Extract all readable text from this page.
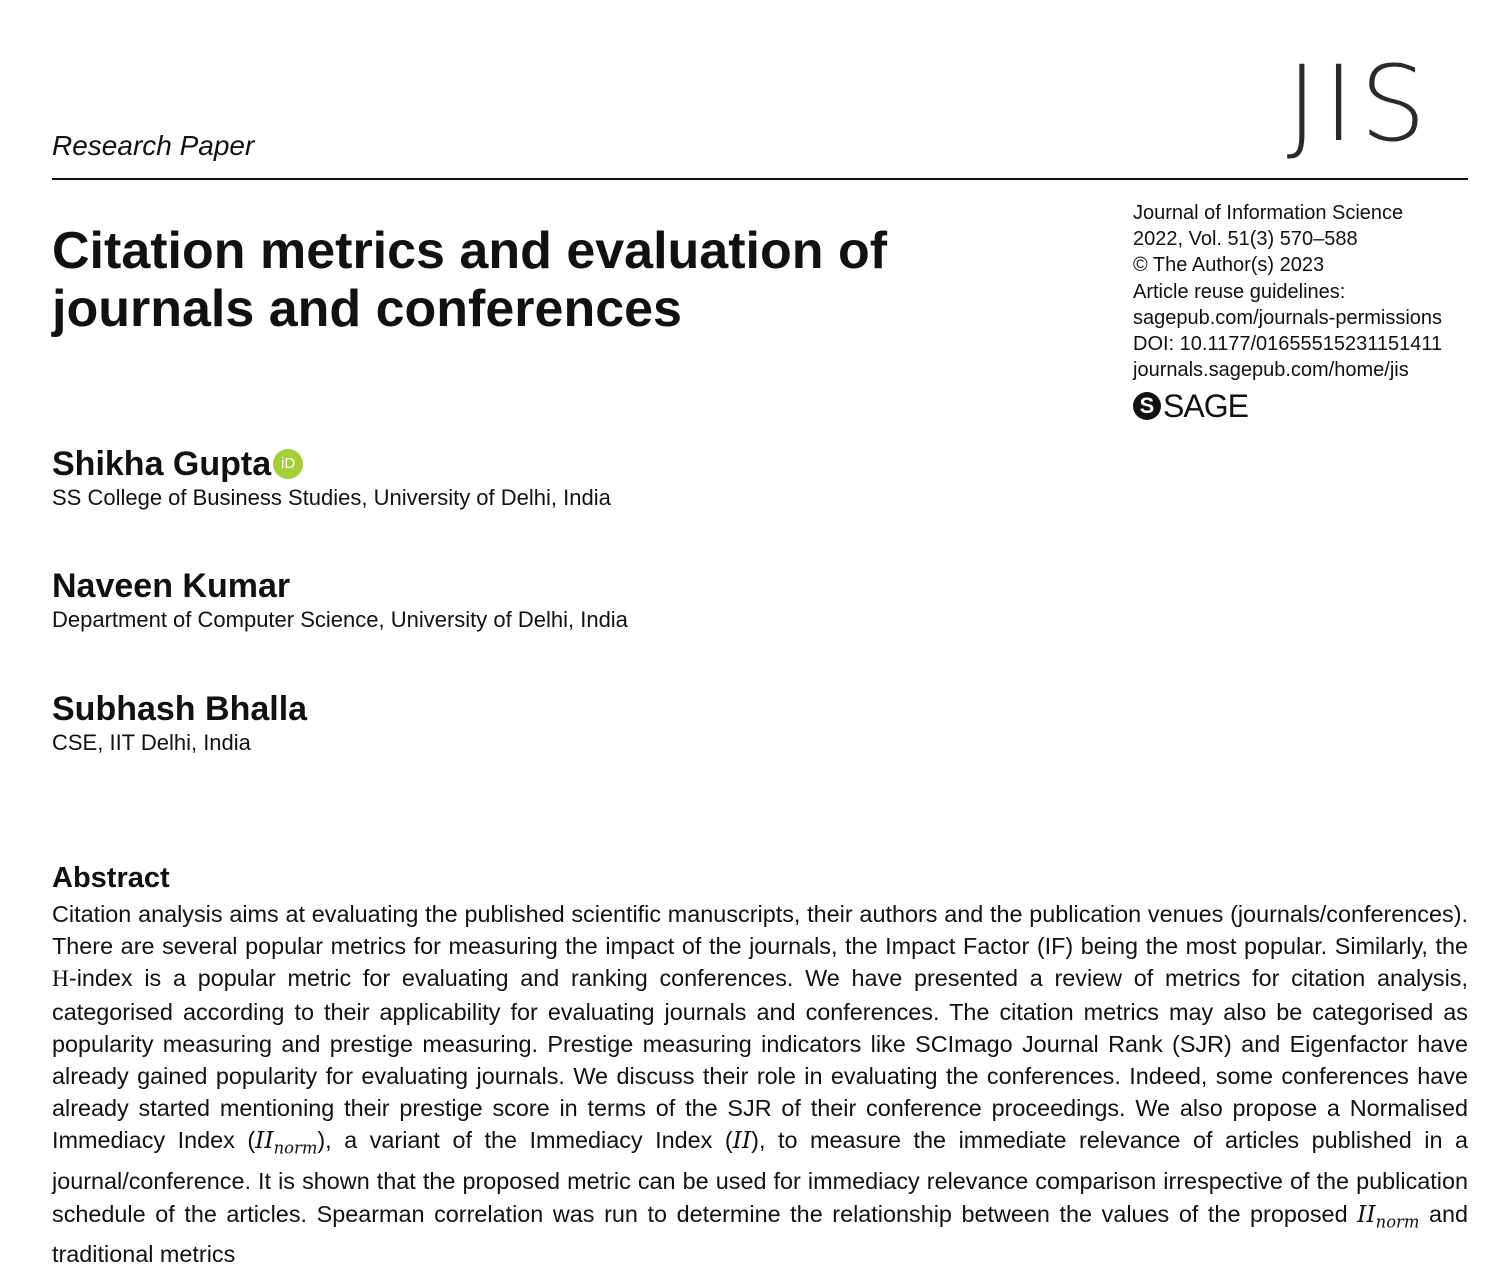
Research Paper	JIS
Citation metrics and evaluation of journals and conferences
Journal of Information Science
2022, Vol. 51(3) 570–588
© The Author(s) 2023
Article reuse guidelines:
sagepub.com/journals-permissions
DOI: 10.1177/01655515231151411
journals.sagepub.com/home/jis
S SAGE
Shikha Gupta iD
SS College of Business Studies, University of Delhi, India
Naveen Kumar
Department of Computer Science, University of Delhi, India
Subhash Bhalla
CSE, IIT Delhi, India
Abstract
Citation analysis aims at evaluating the published scientific manuscripts, their authors and the publication venues (journals/conferences). There are several popular metrics for measuring the impact of the journals, the Impact Factor (IF) being the most popular. Similarly, the H-index is a popular metric for evaluating and ranking conferences. We have presented a review of metrics for citation analysis, categorised according to their applicability for evaluating journals and conferences. The citation metrics may also be categorised as popularity measuring and prestige measuring. Prestige measuring indicators like SCImago Journal Rank (SJR) and Eigenfactor have already gained popularity for evaluating journals. We discuss their role in evaluating the conferences. Indeed, some conferences have already started mentioning their prestige score in terms of the SJR of their conference proceedings. We also propose a Normalised Immediacy Index $(II_{norm})$, a variant of the Immediacy Index (II), to measure the immediate relevance of articles published in a journal/conference. It is shown that the proposed metric can be used for immediacy relevance comparison irrespective of the publication schedule of the articles. Spearman correlation was run to determine the relationship between the values of the proposed $II_{norm}$ and traditional metrics
